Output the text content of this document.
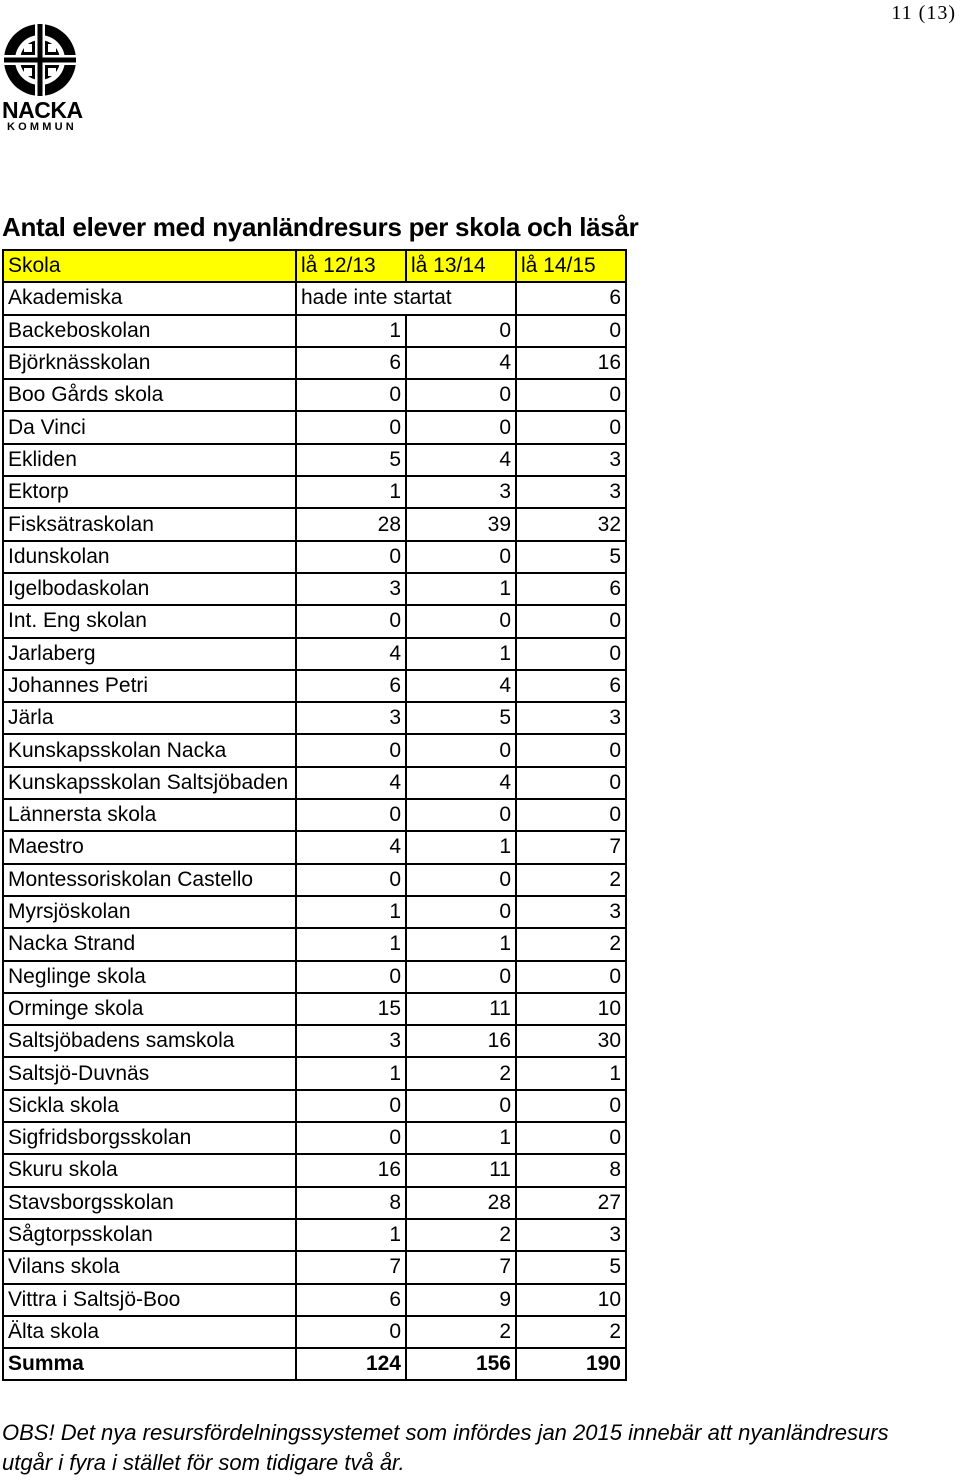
11 (13)
NACKA
KOMMUN
Antal elever med nyanländresurs per skola och läsår
Skola	lå 12/13	lå 13/14	lå 14/15
Akademiska	hade inte startat		6
Backeboskolan	1	0	0
Björknässkolan	6	4	16
Boo Gårds skola	0	0	0
Da Vinci	0	0	0
Ekliden	5	4	3
Ektorp	1	3	3
Fisksätraskolan	28	39	32
Idunskolan	0	0	5
Igelbodaskolan	3	1	6
Int. Eng skolan	0	0	0
Jarlaberg	4	1	0
Johannes Petri	6	4	6
Järla	3	5	3
Kunskapsskolan Nacka	0	0	0
Kunskapsskolan Saltsjöbaden	4	4	0
Lännersta skola	0	0	0
Maestro	4	1	7
Montessoriskolan Castello	0	0	2
Myrsjöskolan	1	0	3
Nacka Strand	1	1	2
Neglinge skola	0	0	0
Orminge skola	15	11	10
Saltsjöbadens samskola	3	16	30
Saltsjö-Duvnäs	1	2	1
Sickla skola	0	0	0
Sigfridsborgsskolan	0	1	0
Skuru skola	16	11	8
Stavsborgsskolan	8	28	27
Sågtorpsskolan	1	2	3
Vilans skola	7	7	5
Vittra i Saltsjö-Boo	6	9	10
Älta skola	0	2	2
Summa	124	156	190
OBS! Det nya resursfördelningssystemet som infördes jan 2015 innebär att nyanländresurs utgår i fyra i stället för som tidigare två år.
